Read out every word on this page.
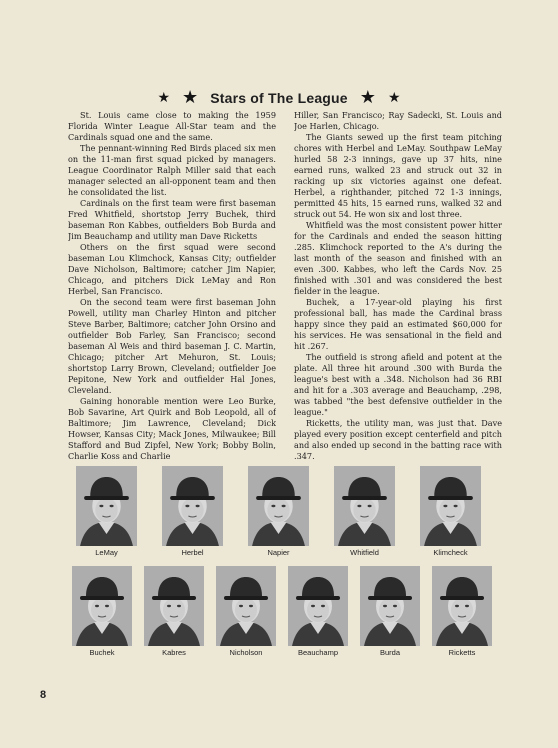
★ ★ Stars of The League ★ ★

St. Louis came close to making the 1959 Florida Winter League All-Star team and the Cardinals squad one and the same.

The pennant-winning Red Birds placed six men on the 11-man first squad picked by managers. League Coordinator Ralph Miller said that each manager selected an all-opponent team and then he consolidated the list.

Cardinals on the first team were first baseman Fred Whitfield, shortstop Jerry Buchek, third baseman Ron Kabbes, outfielders Bob Burda and Jim Beauchamp and utility man Dave Ricketts

Others on the first squad were second baseman Lou Klimchock, Kansas City; outfielder Dave Nicholson, Baltimore; catcher Jim Napier, Chicago, and pitchers Dick LeMay and Ron Herbel, San Francisco.

On the second team were first baseman John Powell, utility man Charley Hinton and pitcher Steve Barber, Baltimore; catcher John Orsino and outfielder Bob Farley, San Francisco; second baseman Al Weis and third baseman J. C. Martin, Chicago; pitcher Art Mehuron, St. Louis; shortstop Larry Brown, Cleveland; outfielder Joe Pepitone, New York and outfielder Hal Jones, Cleveland.

Gaining honorable mention were Leo Burke, Bob Savarine, Art Quirk and Bob Leopold, all of Baltimore; Jim Lawrence, Cleveland; Dick Howser, Kansas City; Mack Jones, Milwaukee; Bill Stafford and Bud Zipfel, New York; Bobby Bolin, Charlie Koss and Charlie

Hiller, San Francisco; Ray Sadecki, St. Louis and Joe Harlen, Chicago.

The Giants sewed up the first team pitching chores with Herbel and LeMay. Southpaw LeMay hurled 58 2-3 innings, gave up 37 hits, nine earned runs, walked 23 and struck out 32 in racking up six victories against one defeat. Herbel, a righthander, pitched 72 1-3 innings, permitted 45 hits, 15 earned runs, walked 32 and struck out 54. He won six and lost three.

Whitfield was the most consistent power hitter for the Cardinals and ended the season hitting .285. Klimchock reported to the A's during the last month of the season and finished with an even .300. Kabbes, who left the Cards Nov. 25 finished with .301 and was considered the best fielder in the league.

Buchek, a 17-year-old playing his first professional ball, has made the Cardinal brass happy since they paid an estimated $60,000 for his services. He was sensational in the field and hit .267.

The outfield is strong afield and potent at the plate. All three hit around .300 with Burda the league's best with a .348. Nicholson had 36 RBI and hit for a .303 average and Beauchamp, .298, was tabbed "the best defensive outfielder in the league."

Ricketts, the utility man, was just that. Dave played every position except centerfield and pitch and also ended up second in the batting race with .347.

LeMay	Herbel	Napier	Whitfield	Klimcheck
Buchek	Kabres	Nicholson	Beauchamp	Burda	Ricketts
8
